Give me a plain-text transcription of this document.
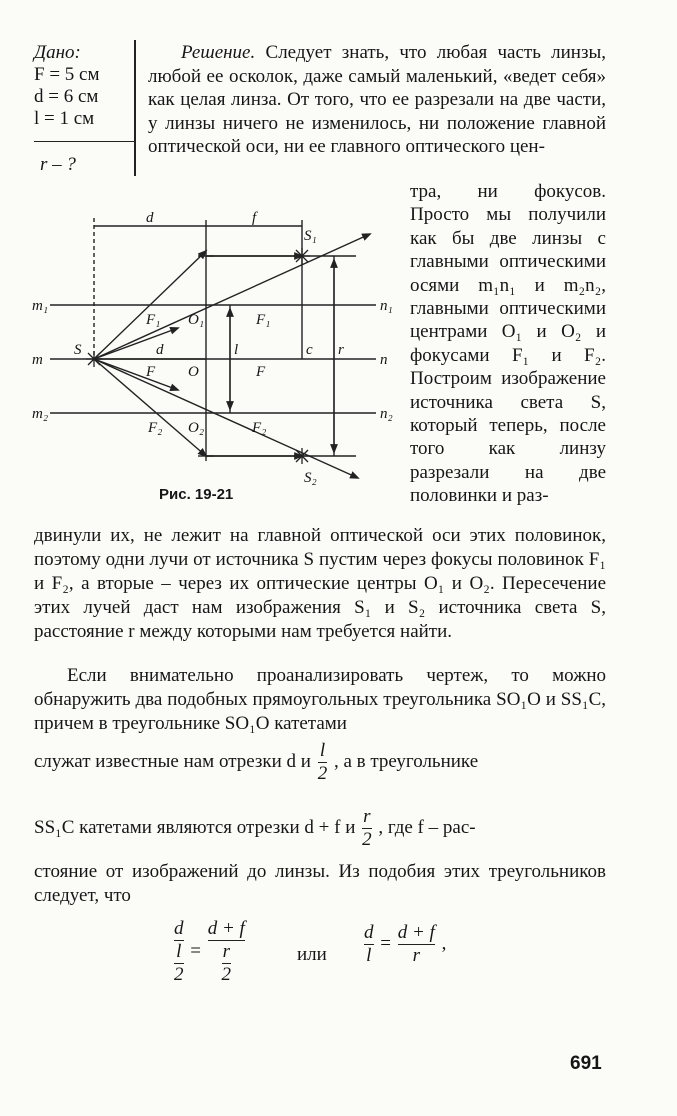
Дано:
F = 5 см
d = 6 см
l = 1 см
r – ?
Решение. Следует знать, что любая часть линзы, любой ее осколок, даже самый маленький, «ведет себя» как целая линза. От того, что ее разрезали на две части, у линзы ничего не изменилось, ни положение главной оптической оси, ни ее главного оптического цен-
d	f
S₁
m₁	n₁
F₁ O₁	F₁
m
S	d	l	c r
n
F O	F
m₂	n₂
F₂ O₂	F₂
S₂
Рис. 19-21
тра, ни фокусов. Просто мы получили как бы две линзы с главными оптическими осями m₁n₁ и m₂n₂, главными оптическими центрами O₁ и O₂ и фокусами F₁ и F₂. Построим изображение источника света S, который теперь, после того как линзу разрезали на две половинки и раз-
двинули их, не лежит на главной оптической оси этих половинок, поэтому одни лучи от источника S пустим через фокусы половинок F₁ и F₂, а вторые – через их оптические центры O₁ и O₂. Пересечение этих лучей даст нам изображения S₁ и S₂ источника света S, расстояние r между которыми нам требуется найти.
Если внимательно проанализировать чертеж, то можно обнаружить два подобных прямоугольных треугольника SO₁O и SS₁C, причем в треугольнике SO₁O катетами
служат известные нам отрезки d и $\frac{l}{2}$ , а в треугольнике
SS₁C катетами являются отрезки d + f и $\frac{r}{2}$ , где f – рас-
стояние от изображений до линзы. Из подобия этих треугольников следует, что
$\frac{d}{\frac{l}{2}} = \frac{d + f}{\frac{r}{2}}$	или $\frac{d}{l} = \frac{d + f}{r}$ ,
691
